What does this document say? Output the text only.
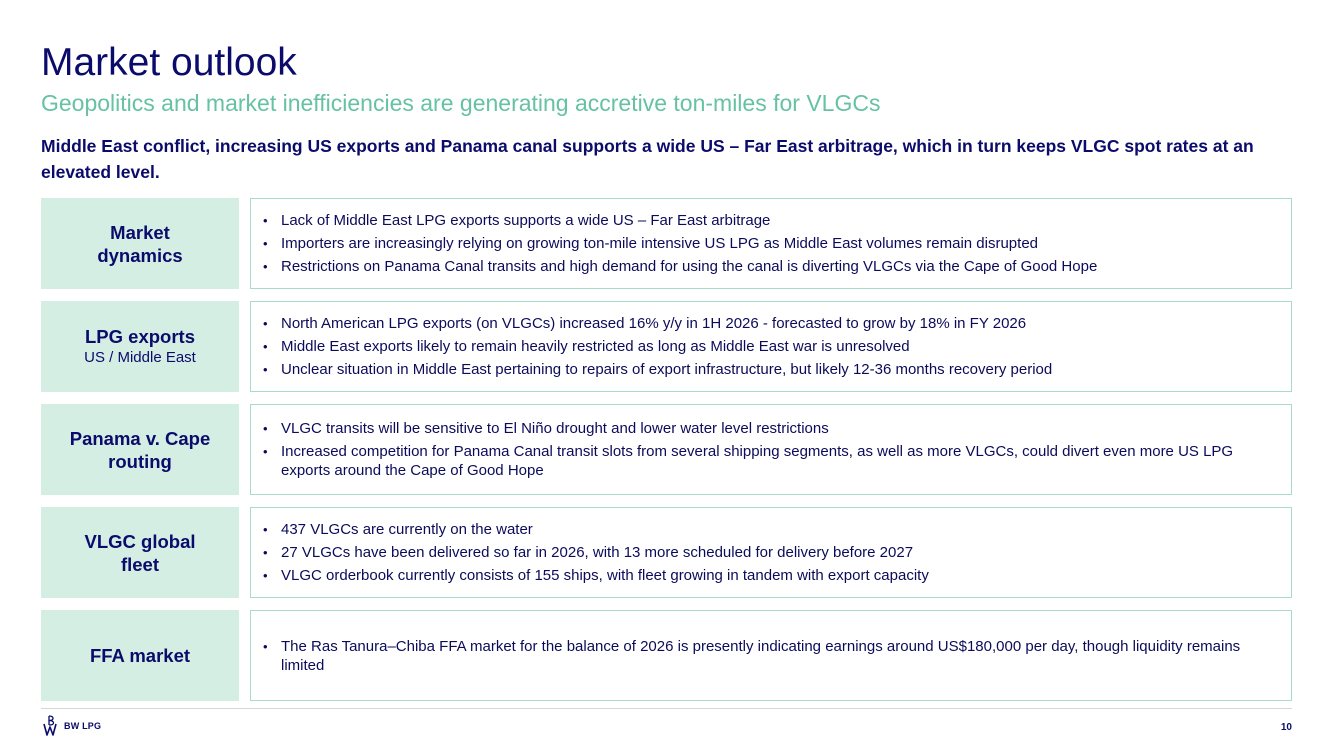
Market outlook
Geopolitics and market inefficiencies are generating accretive ton-miles for VLGCs
Middle East conflict, increasing US exports and Panama canal supports a wide US – Far East arbitrage, which in turn keeps VLGC spot rates at an elevated level.
Market dynamics
• Lack of Middle East LPG exports supports a wide US – Far East arbitrage
• Importers are increasingly relying on growing ton-mile intensive US LPG as Middle East volumes remain disrupted
• Restrictions on Panama Canal transits and high demand for using the canal is diverting VLGCs via the Cape of Good Hope
LPG exports
US / Middle East
• North American LPG exports (on VLGCs) increased 16% y/y in 1H 2026 - forecasted to grow by 18% in FY 2026
• Middle East exports likely to remain heavily restricted as long as Middle East war is unresolved
• Unclear situation in Middle East pertaining to repairs of export infrastructure, but likely 12-36 months recovery period
Panama v. Cape routing
• VLGC transits will be sensitive to El Niño drought and lower water level restrictions
• Increased competition for Panama Canal transit slots from several shipping segments, as well as more VLGCs, could divert even more US LPG exports around the Cape of Good Hope
VLGC global fleet
• 437 VLGCs are currently on the water
• 27 VLGCs have been delivered so far in 2026, with 13 more scheduled for delivery before 2027
• VLGC orderbook currently consists of 155 ships, with fleet growing in tandem with export capacity
FFA market
•	The Ras Tanura–Chiba FFA market for the balance of 2026 is presently indicating earnings around US$180,000 per day, though liquidity remains limited
BW LPG	10
